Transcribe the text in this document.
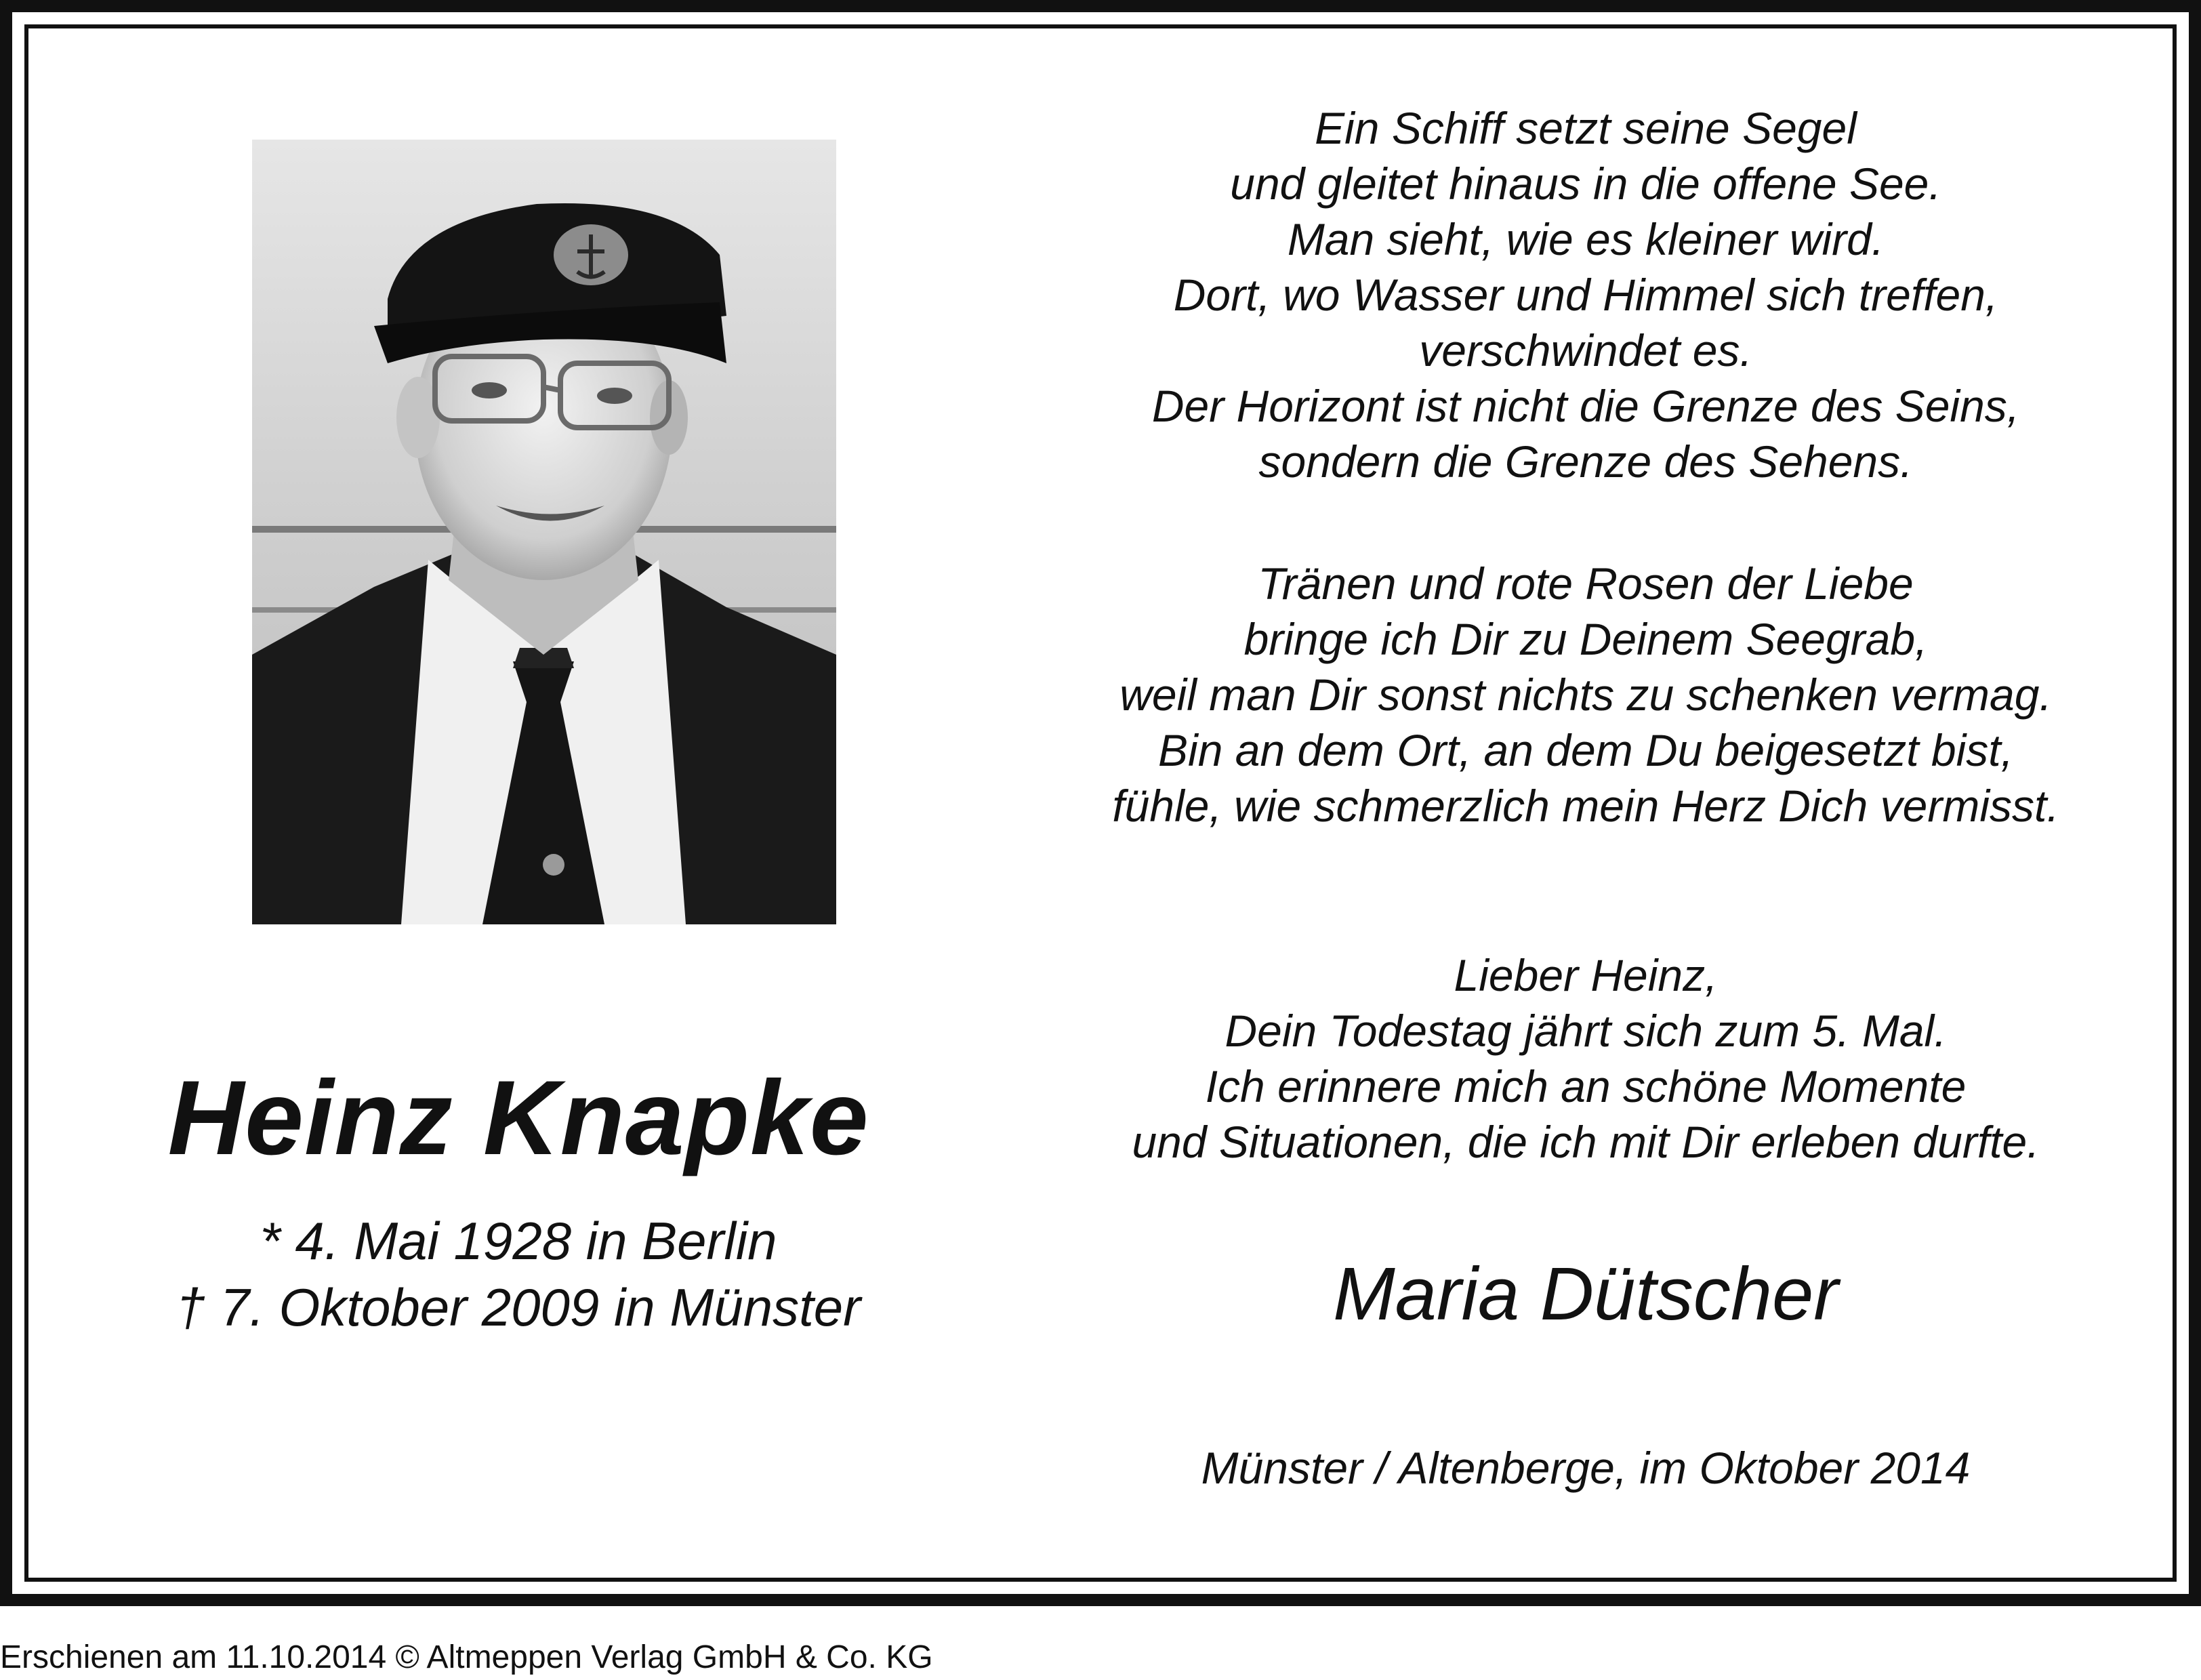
Heinz Knapke
* 4. Mai 1928 in Berlin
† 7. Oktober 2009 in Münster
Ein Schiff setzt seine Segel
und gleitet hinaus in die offene See.
Man sieht, wie es kleiner wird.
Dort, wo Wasser und Himmel sich treffen,
verschwindet es.
Der Horizont ist nicht die Grenze des Seins,
sondern die Grenze des Sehens.
Tränen und rote Rosen der Liebe
bringe ich Dir zu Deinem Seegrab,
weil man Dir sonst nichts zu schenken vermag.
Bin an dem Ort, an dem Du beigesetzt bist,
fühle, wie schmerzlich mein Herz Dich vermisst.
Lieber Heinz,
Dein Todestag jährt sich zum 5. Mal.
Ich erinnere mich an schöne Momente
und Situationen, die ich mit Dir erleben durfte.
Maria Dütscher
Münster / Altenberge, im Oktober 2014
Erschienen am 11.10.2014 © Altmeppen Verlag GmbH & Co. KG
